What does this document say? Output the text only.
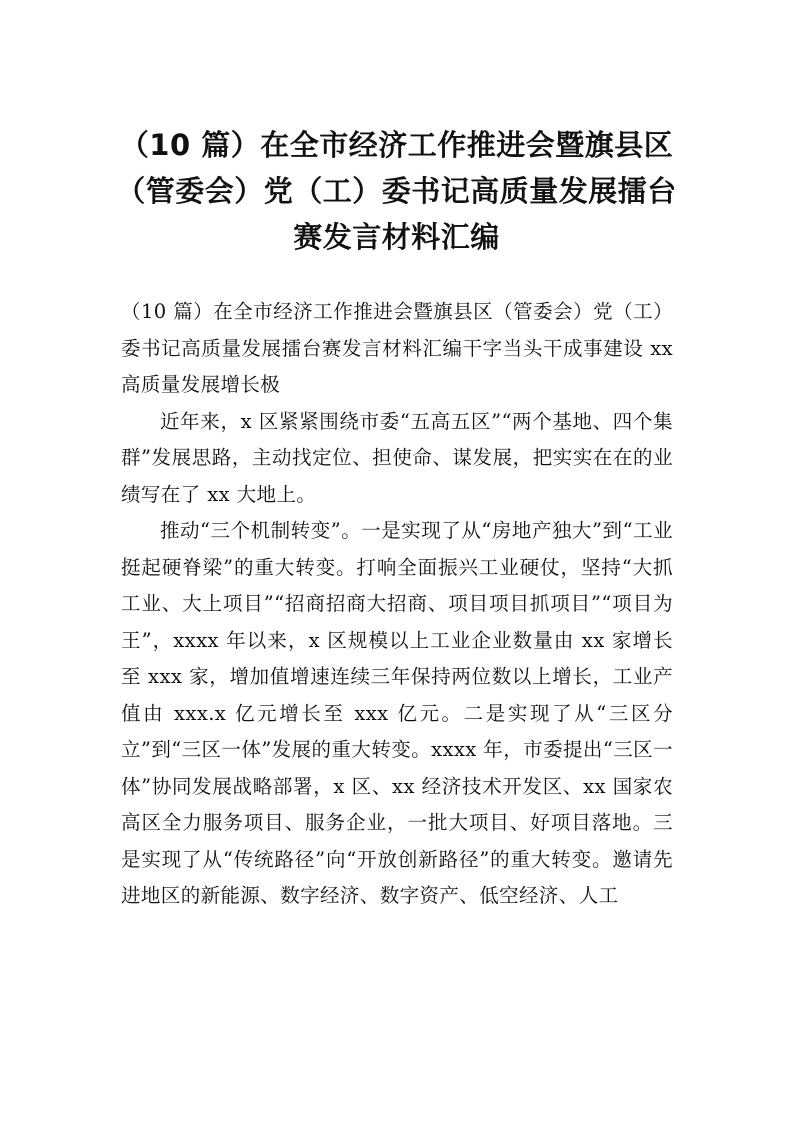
（10 篇）在全市经济工作推进会暨旗县区
（管委会）党（工）委书记高质量发展擂台
赛发言材料汇编

（10 篇）在全市经济工作推进会暨旗县区（管委会）党（工）委书记高质量发展擂台赛发言材料汇编干字当头干成事建设 xx 高质量发展增长极

近年来，x 区紧紧围绕市委“五高五区”“两个基地、四个集群”发展思路，主动找定位、担使命、谋发展，把实实在在的业绩写在了 xx 大地上。

推动“三个机制转变”。一是实现了从“房地产独大”到“工业挺起硬脊梁”的重大转变。打响全面振兴工业硬仗，坚持“大抓工业、大上项目”“招商招商大招商、项目项目抓项目”“项目为王”，xxxx 年以来，x 区规模以上工业企业数量由 xx 家增长至 xxx 家，增加值增速连续三年保持两位数以上增长，工业产值由 xxx.x 亿元增长至 xxx 亿元。二是实现了从“三区分立”到“三区一体”发展的重大转变。xxxx 年，市委提出“三区一体”协同发展战略部署，x 区、xx 经济技术开发区、xx 国家农高区全力服务项目、服务企业，一批大项目、好项目落地。三是实现了从“传统路径”向“开放创新路径”的重大转变。邀请先进地区的新能源、数字经济、数字资产、低空经济、人工
